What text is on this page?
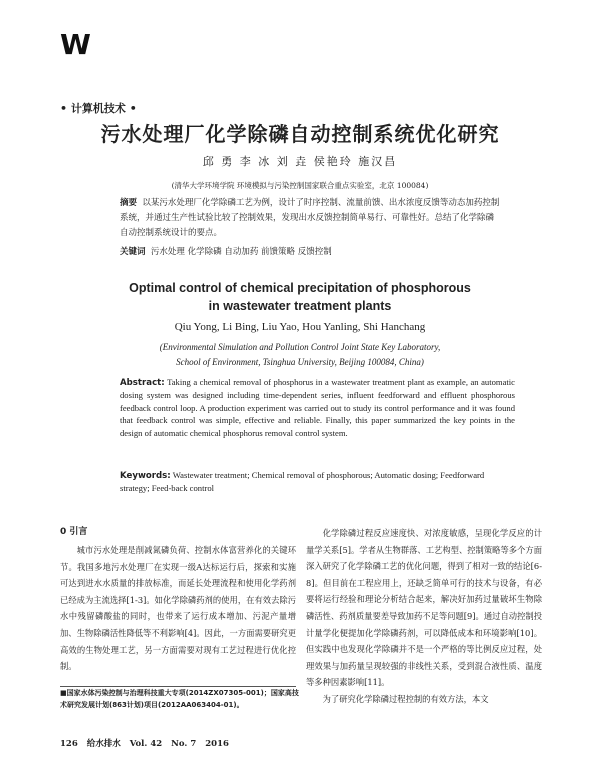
W
• 计算机技术 •
污水处理厂化学除磷自动控制系统优化研究
邱 勇 李 冰 刘 垚 侯艳玲 施汉昌
(清华大学环境学院 环境模拟与污染控制国家联合重点实验室，北京 100084)
摘要 以某污水处理厂化学除磷工艺为例，设计了时序控制、流量前馈、出水浓度反馈等动态加药控制系统，并通过生产性试验比较了控制效果，发现出水反馈控制简单易行、可靠性好。总结了化学除磷自动控制系统设计的要点。
关键词 污水处理 化学除磷 自动加药 前馈策略 反馈控制
Optimal control of chemical precipitation of phosphorous
in wastewater treatment plants
Qiu Yong, Li Bing, Liu Yao, Hou Yanling, Shi Hanchang
(Environmental Simulation and Pollution Control Joint State Key Laboratory,
School of Environment, Tsinghua University, Beijing 100084, China)
Abstract: Taking a chemical removal of phosphorus in a wastewater treatment plant as example, an automatic dosing system was designed including time-dependent series, influent feedforward and effluent phosphorous feedback control loop. A production experiment was carried out to study its control performance and it was found that feedback control was simple, effective and reliable. Finally, this paper summarized the key points in the design of automatic chemical phosphorus removal control system.
Keywords: Wastewater treatment; Chemical removal of phosphorous; Automatic dosing; Feedforward strategy; Feed-back control
0 引言

城市污水处理是削减氮磷负荷、控制水体富营养化的关键环节。我国多地污水处理厂在实现一级A达标运行后，探索和实施可达到进水水质量的排放标准，而延长处理流程和使用化学药剂已经成为主流选择[1-3]。如化学除磷药剂的使用，在有效去除污水中残留磷酸盐的同时，也带来了运行成本增加、污泥产量增加、生物除磷活性降低等不利影响[4]。因此，一方面需要研究更高效的生物处理工艺，另一方面需要对现有工艺过程进行优化控制。

化学除磷过程反应速度快、对浓度敏感，呈现化学反应的计量学关系[5]。学者从生物群落、工艺构型、控制策略等多个方面深入研究了化学除磷工艺的优化问题，得到了相对一致的结论[6-8]。但目前在工程应用上，还缺乏简单可行的技术与设备，有必要将运行经验和理论分析结合起来，解决好加药过量破坏生物除磷活性、药剂质量要差导致加药不足等问题[9]。通过自动控制投计量学化便提加化学除磷药剂，可以降低成本和环境影响[10]。但实践中也发现化学除磷并不是一个严格的等比例反应过程，处理效果与加药量呈现较强的非线性关系，受到混合液性质、温度等多种因素影响[11]。

为了研究化学除磷过程控制的有效方法，本文

■国家水体污染控制与治理科技重大专项(2014ZX07305-001)；国家高技术研究发展计划(863计划)项目(2012AA063404-01)。
126 给水排水 Vol. 42 No. 7 2016
